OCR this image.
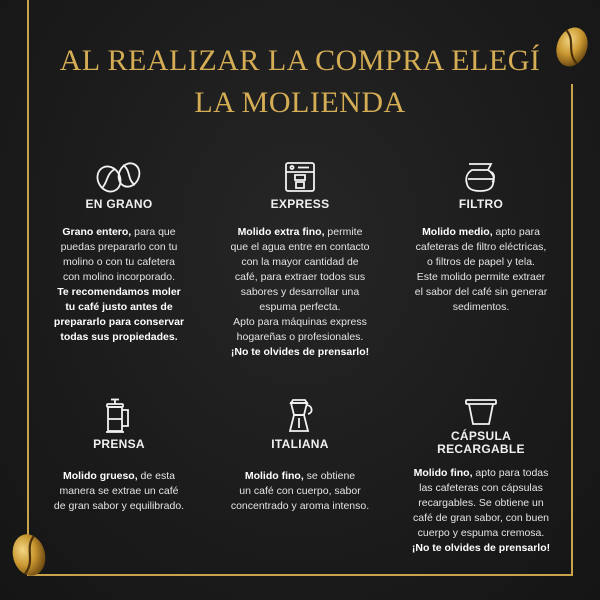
AL REALIZAR LA COMPRA ELEGÍ
LA MOLIENDA
EN GRANO
Grano entero, para que
puedas prepararlo con tu
molino o con tu cafetera
con molino incorporado.
Te recomendamos moler
tu café justo antes de
prepararlo para conservar
todas sus propiedades.
EXPRESS
Molido extra fino, permite
que el agua entre en contacto
con la mayor cantidad de
café, para extraer todos sus
sabores y desarrollar una
espuma perfecta.
Apto para máquinas express
hogareñas o profesionales.
¡No te olvides de prensarlo!
FILTRO
Molido medio, apto para
cafeteras de filtro eléctricas,
o filtros de papel y tela.
Este molido permite extraer
el sabor del café sin generar
sedimentos.
PRENSA
Molido grueso, de esta
manera se extrae un café
de gran sabor y equilibrado.
ITALIANA
Molido fino, se obtiene
un café con cuerpo, sabor
concentrado y aroma intenso.
CÁPSULA
RECARGABLE
Molido fino, apto para todas
las cafeteras con cápsulas
recargables. Se obtiene un
café de gran sabor, con buen
cuerpo y espuma cremosa.
¡No te olvides de prensarlo!
